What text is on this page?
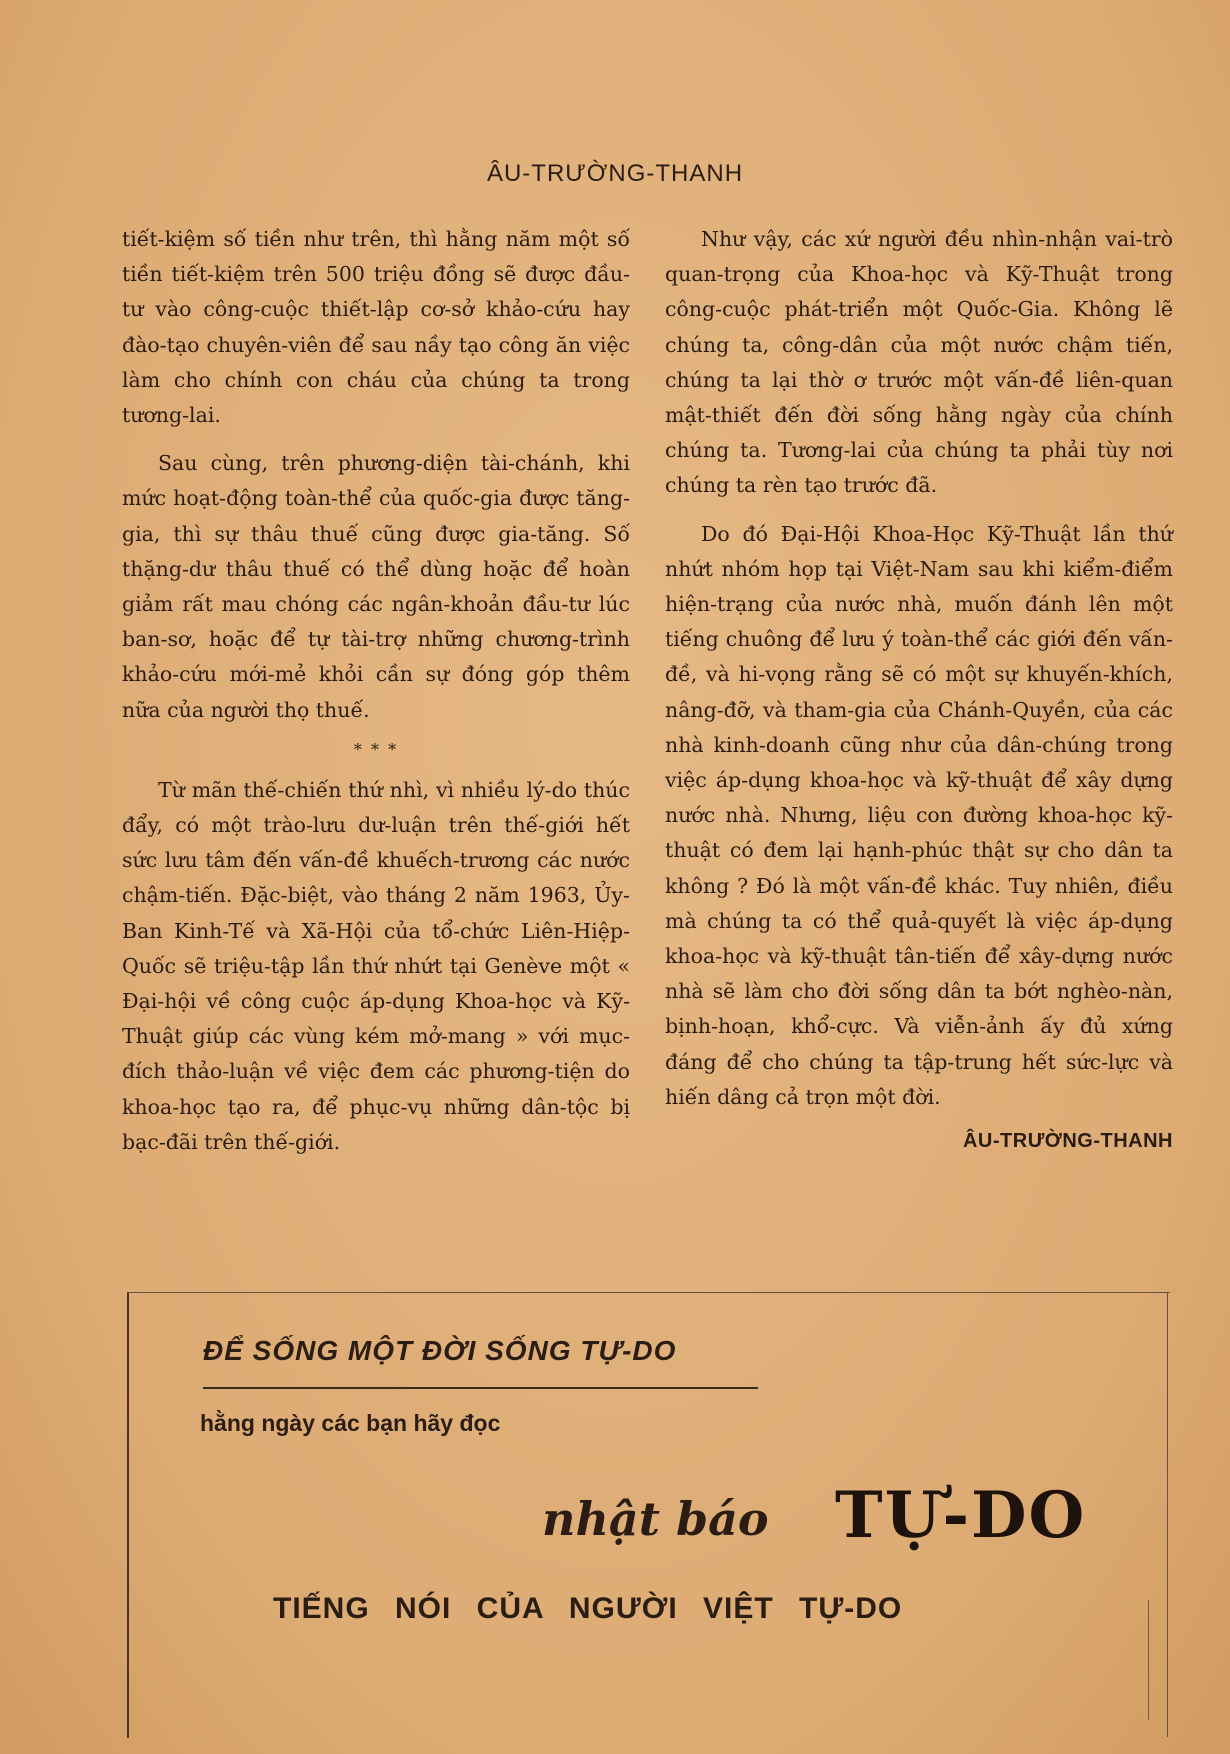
ÂU-TRƯỜNG-THANH

tiết-kiệm số tiền như trên, thì hằng năm một số tiền tiết-kiệm trên 500 triệu đồng sẽ được đầu-tư vào công-cuộc thiết-lập cơ-sở khảo-cứu hay đào-tạo chuyên-viên để sau nầy tạo công ăn việc làm cho chính con cháu của chúng ta trong tương-lai.

Sau cùng, trên phương-diện tài-chánh, khi mức hoạt-động toàn-thể của quốc-gia được tăng-gia, thì sự thâu thuế cũng được gia-tăng. Số thặng-dư thâu thuế có thể dùng hoặc để hoàn giảm rất mau chóng các ngân-khoản đầu-tư lúc ban-sơ, hoặc để tự tài-trợ những chương-trình khảo-cứu mới-mẻ khỏi cần sự đóng góp thêm nữa của người thọ thuế.

* * *

Từ mãn thế-chiến thứ nhì, vì nhiều lý-do thúc đẩy, có một trào-lưu dư-luận trên thế-giới hết sức lưu tâm đến vấn-đề khuếch-trương các nước chậm-tiến. Đặc-biệt, vào tháng 2 năm 1963, Ủy-Ban Kinh-Tế và Xã-Hội của tổ-chức Liên-Hiệp-Quốc sẽ triệu-tập lần thứ nhứt tại Genève một « Đại-hội về công cuộc áp-dụng Khoa-học và Kỹ-Thuật giúp các vùng kém mở-mang » với mục-đích thảo-luận về việc đem các phương-tiện do khoa-học tạo ra, để phục-vụ những dân-tộc bị bạc-đãi trên thế-giới.

Như vậy, các xứ người đều nhìn-nhận vai-trò quan-trọng của Khoa-học và Kỹ-Thuật trong công-cuộc phát-triển một Quốc-Gia. Không lẽ chúng ta, công-dân của một nước chậm tiến, chúng ta lại thờ ơ trước một vấn-đề liên-quan mật-thiết đến đời sống hằng ngày của chính chúng ta. Tương-lai của chúng ta phải tùy nơi chúng ta rèn tạo trước đã.

Do đó Đại-Hội Khoa-Học Kỹ-Thuật lần thứ nhứt nhóm họp tại Việt-Nam sau khi kiểm-điểm hiện-trạng của nước nhà, muốn đánh lên một tiếng chuông để lưu ý toàn-thể các giới đến vấn-đề, và hi-vọng rằng sẽ có một sự khuyến-khích, nâng-đỡ, và tham-gia của Chánh-Quyền, của các nhà kinh-doanh cũng như của dân-chúng trong việc áp-dụng khoa-học và kỹ-thuật để xây dựng nước nhà. Nhưng, liệu con đường khoa-học kỹ-thuật có đem lại hạnh-phúc thật sự cho dân ta không ? Đó là một vấn-đề khác. Tuy nhiên, điều mà chúng ta có thể quả-quyết là việc áp-dụng khoa-học và kỹ-thuật tân-tiến để xây-dựng nước nhà sẽ làm cho đời sống dân ta bớt nghèo-nàn, bịnh-hoạn, khổ-cực. Và viễn-ảnh ấy đủ xứng đáng để cho chúng ta tập-trung hết sức-lực và hiến dâng cả trọn một đời.

ÂU-TRƯỜNG-THANH
ĐỂ SỐNG MỘT ĐỜI SỐNG TỰ-DO
hằng ngày các bạn hãy đọc
nhật báo TỰ-DO
TIẾNG NÓI CỦA NGƯỜI VIỆT TỰ-DO
